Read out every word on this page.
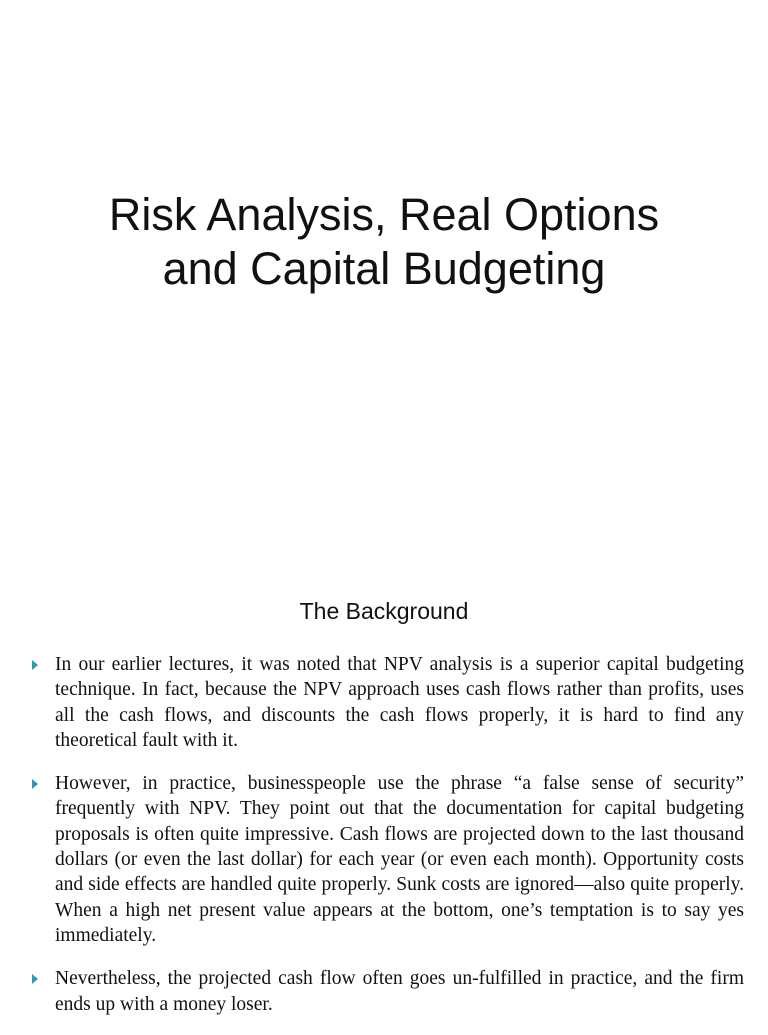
Risk Analysis, Real Options
and Capital Budgeting
The Background
In our earlier lectures, it was noted that NPV analysis is a superior capital budgeting technique. In fact, because the NPV approach uses cash flows rather than profits, uses all the cash flows, and discounts the cash flows properly, it is hard to find any theoretical fault with it.
However, in practice, businesspeople use the phrase “a false sense of security” frequently with NPV. They point out that the documentation for capital budgeting proposals is often quite impressive. Cash flows are projected down to the last thousand dollars (or even the last dollar) for each year (or even each month). Opportunity costs and side effects are handled quite properly. Sunk costs are ignored—also quite properly. When a high net present value appears at the bottom, one’s temptation is to say yes immediately.
Nevertheless, the projected cash flow often goes un-fulfilled in practice, and the firm ends up with a money loser.
